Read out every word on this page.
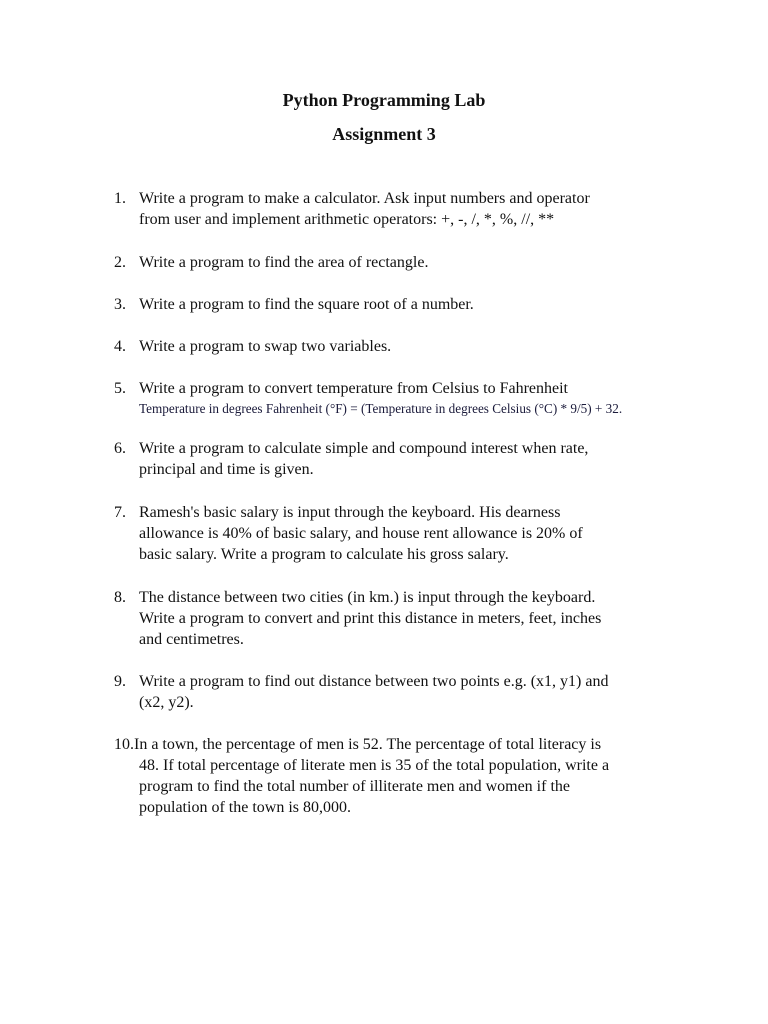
Python Programming Lab
Assignment 3
1. Write a program to make a calculator. Ask input numbers and operator
from user and implement arithmetic operators: +, -, /, *, %, //, **
2. Write a program to find the area of rectangle.
3. Write a program to find the square root of a number.
4. Write a program to swap two variables.
5. Write a program to convert temperature from Celsius to Fahrenheit
Temperature in degrees Fahrenheit (°F) = (Temperature in degrees Celsius (°C) * 9/5) + 32.
6. Write a program to calculate simple and compound interest when rate,
principal and time is given.
7. Ramesh's basic salary is input through the keyboard. His dearness
allowance is 40% of basic salary, and house rent allowance is 20% of
basic salary. Write a program to calculate his gross salary.
8. The distance between two cities (in km.) is input through the keyboard.
Write a program to convert and print this distance in meters, feet, inches
and centimetres.
9. Write a program to find out distance between two points e.g. (x1, y1) and
(x2, y2).
10.In a town, the percentage of men is 52. The percentage of total literacy is
48. If total percentage of literate men is 35 of the total population, write a
program to find the total number of illiterate men and women if the
population of the town is 80,000.
